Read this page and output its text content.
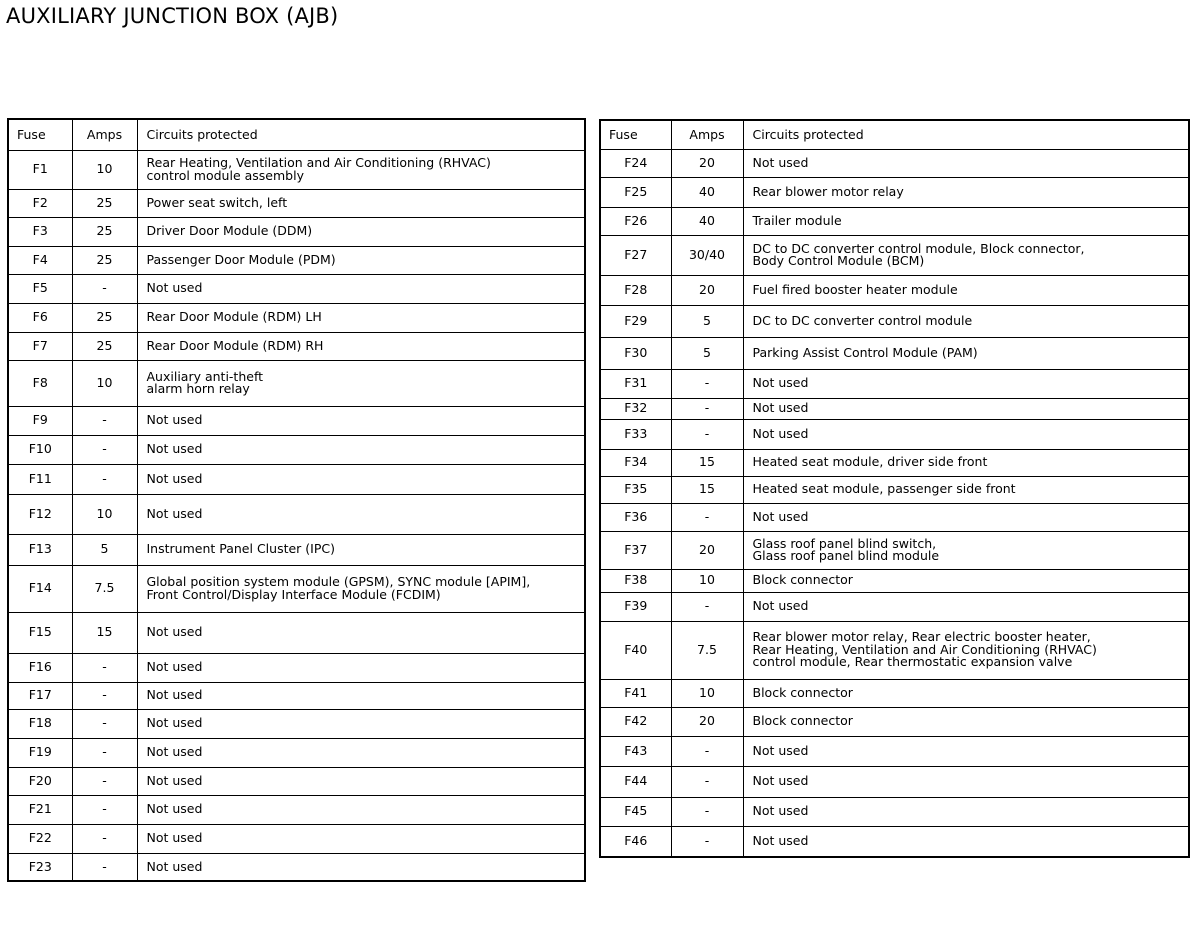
AUXILIARY JUNCTION BOX (AJB)
Fuse	Amps	Circuits protected
F1	10	Rear Heating, Ventilation and Air Conditioning (RHVAC)
control module assembly

F2	25	Power seat switch, left

F3	25	Driver Door Module (DDM)

F4	25	Passenger Door Module (PDM)

F5	-	Not used

F6	25	Rear Door Module (RDM) LH

F7	25	Rear Door Module (RDM) RH

F8	10	Auxiliary anti-theft
alarm horn relay

F9	-	Not used

F10	-	Not used

F11	-	Not used

F12	10	Not used

F13	5	Instrument Panel Cluster (IPC)

F14	7.5	Global position system module (GPSM), SYNC module [APIM],
Front Control/Display Interface Module (FCDIM)

F15	15	Not used

F16	-	Not used

F17	-	Not used

F18	-	Not used

F19	-	Not used

F20	-	Not used

F21	-	Not used

F22	-	Not used

F23	-	Not used
Fuse	Amps	Circuits protected
F24	20	Not used

F25	40	Rear blower motor relay

F26	40	Trailer module

F27	30/40	DC to DC converter control module, Block connector,
Body Control Module (BCM)

F28	20	Fuel fired booster heater module

F29	5	DC to DC converter control module

F30	5	Parking Assist Control Module (PAM)

F31	-	Not used

F32	-	Not used

F33	-	Not used

F34	15	Heated seat module, driver side front

F35	15	Heated seat module, passenger side front

F36	-	Not used

F37	20	Glass roof panel blind switch,
Glass roof panel blind module

F38	10	Block connector

F39	-	Not used

F40	7.5	Rear blower motor relay, Rear electric booster heater,
Rear Heating, Ventilation and Air Conditioning (RHVAC)
control module, Rear thermostatic expansion valve

F41	10	Block connector

F42	20	Block connector

F43	-	Not used

F44	-	Not used

F45	-	Not used

F46	-	Not used
